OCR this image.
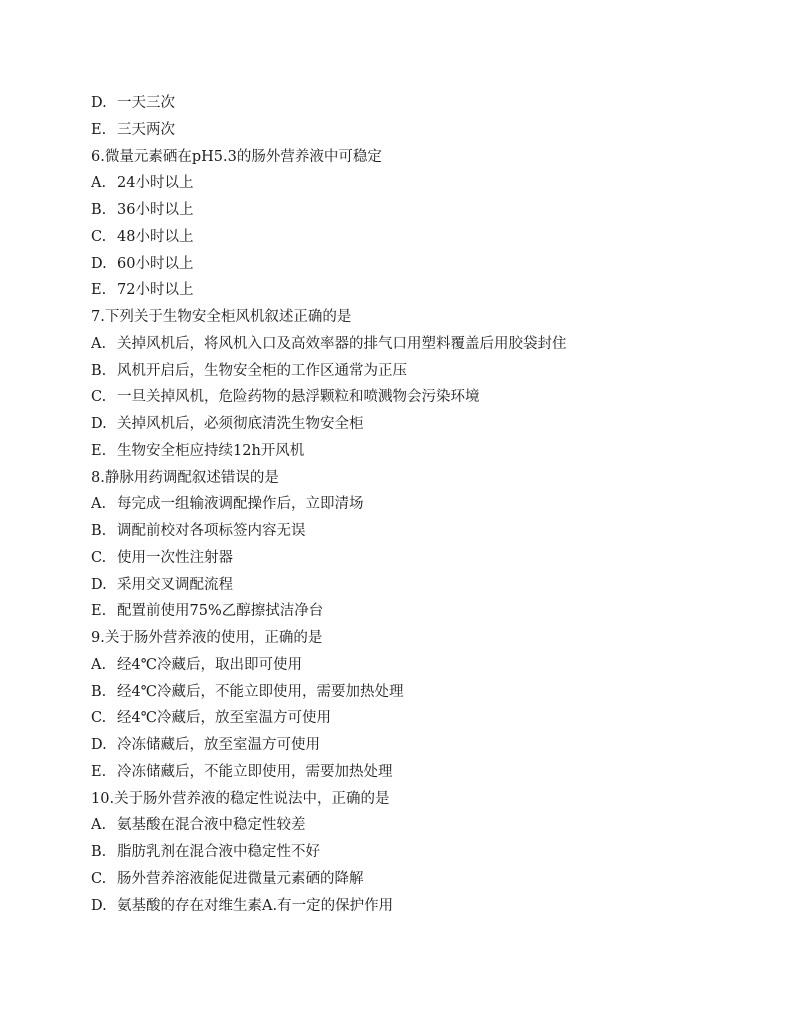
D. 一天三次
E. 三天两次
6.微量元素硒在pH5.3的肠外营养液中可稳定
A. 24小时以上
B. 36小时以上
C. 48小时以上
D. 60小时以上
E. 72小时以上
7.下列关于生物安全柜风机叙述正确的是
A. 关掉风机后，将风机入口及高效率器的排气口用塑料覆盖后用胶袋封住
B. 风机开启后，生物安全柜的工作区通常为正压
C. 一旦关掉风机，危险药物的悬浮颗粒和喷溅物会污染环境
D. 关掉风机后，必须彻底清洗生物安全柜
E. 生物安全柜应持续12h开风机
8.静脉用药调配叙述错误的是
A. 每完成一组输液调配操作后，立即清场
B. 调配前校对各项标签内容无误
C. 使用一次性注射器
D. 采用交叉调配流程
E. 配置前使用75%乙醇擦拭洁净台
9.关于肠外营养液的使用，正确的是
A. 经4℃冷藏后，取出即可使用
B. 经4℃冷藏后，不能立即使用，需要加热处理
C. 经4℃冷藏后，放至室温方可使用
D. 冷冻储藏后，放至室温方可使用
E. 冷冻储藏后，不能立即使用，需要加热处理
10.关于肠外营养液的稳定性说法中，正确的是
A. 氨基酸在混合液中稳定性较差
B. 脂肪乳剂在混合液中稳定性不好
C. 肠外营养溶液能促进微量元素硒的降解
D. 氨基酸的存在对维生素A.有一定的保护作用
